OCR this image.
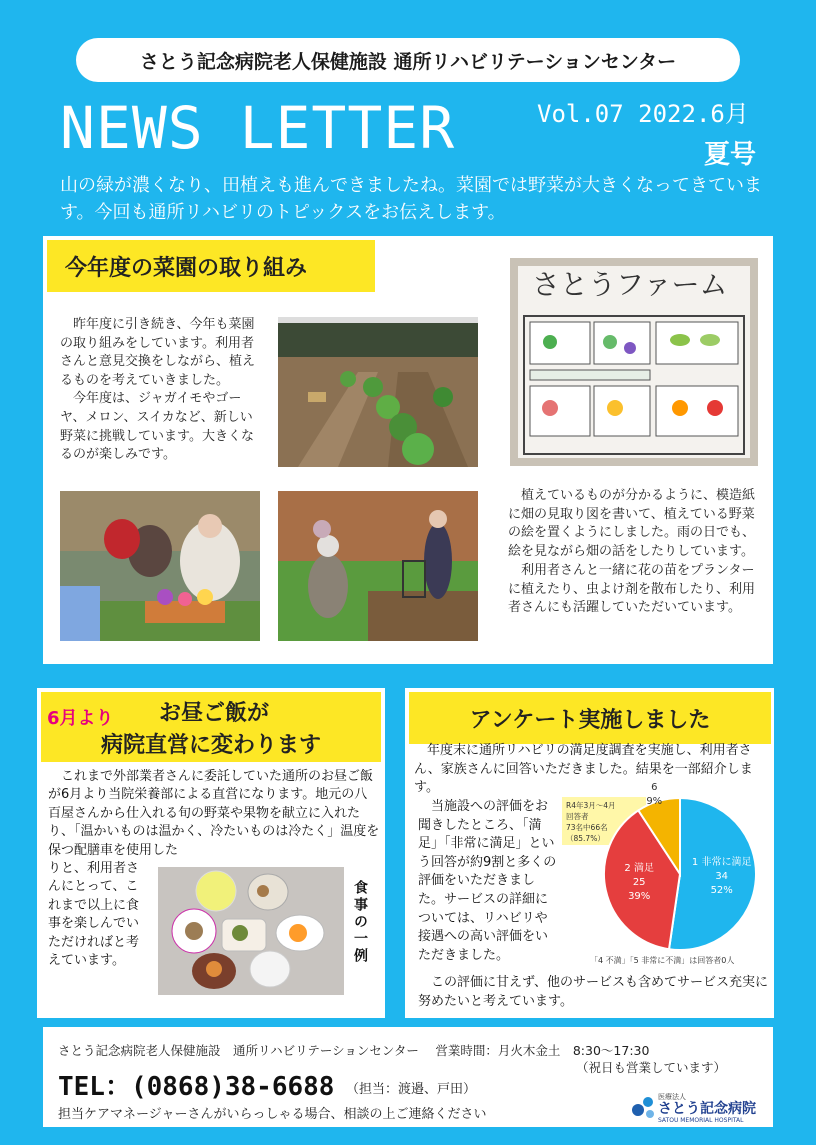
さとう記念病院老人保健施設 通所リハビリテーションセンター
NEWS LETTER	Vol.07 2022.6月
夏号
山の緑が濃くなり、田植えも進んできましたね。菜園では野菜が大きくなってきています。今回も通所リハビリのトピックスをお伝えします。
今年度の菜園の取り組み
　昨年度に引き続き、今年も菜園の取り組みをしています。利用者さんと意見交換をしながら、植えるものを考えていきました。
　今年度は、ジャガイモやゴーヤ、メロン、スイカなど、新しい野菜に挑戦しています。大きくなるのが楽しみです。
さとうファーム
　植えているものが分かるように、模造紙に畑の見取り図を書いて、植えている野菜の絵を置くようにしました。雨の日でも、絵を見ながら畑の話をしたりしています。
　利用者さんと一緒に花の苗をプランターに植えたり、虫よけ剤を散布したり、利用者さんにも活躍していただいています。
6月より お昼ご飯が
病院直営に変わります
　これまで外部業者さんに委託していた通所のお昼ご飯が6月より当院栄養部による直営になります。地元の八百屋さんから仕入れる旬の野菜や果物を献立に入れたり、「温かいものは温かく、冷たいものは冷たく」温度を保つ配膳車を使用した
りと、利用者さんにとって、これまで以上に食事を楽しんでいただければと考えています。	食事の一例
アンケート実施しました
　年度末に通所リハビリの満足度調査を実施し、利用者さん、家族さんに回答いただきました。結果を一部紹介します。
　当施設への評価をお聞きしたところ、「満足」「非常に満足」という回答が約9割と多くの評価をいただきました。サービスの詳細については、リハビリや接遇への高い評価をいただきました。
　この評価に甘えず、他のサービスも含めてサービス充実に努めたいと考えています。
R4年3月～4月
回答者
73名中66名
（85.7%）
1 非常に満足
34
52%
2 満足
25
39%
6
9%
「4 不満」「5 非常に不満」は回答者0人
さとう記念病院老人保健施設　通所リハビリテーションセンター　 営業時間：月火木金土　8:30～17:30
（祝日も営業しています）
TEL：(0868)38-6688 （担当：渡邉、戸田）
担当ケアマネージャーさんがいらっしゃる場合、相談の上ご連絡ください
医療法人
さとう記念病院
SATOU MEMORIAL HOSPITAL
